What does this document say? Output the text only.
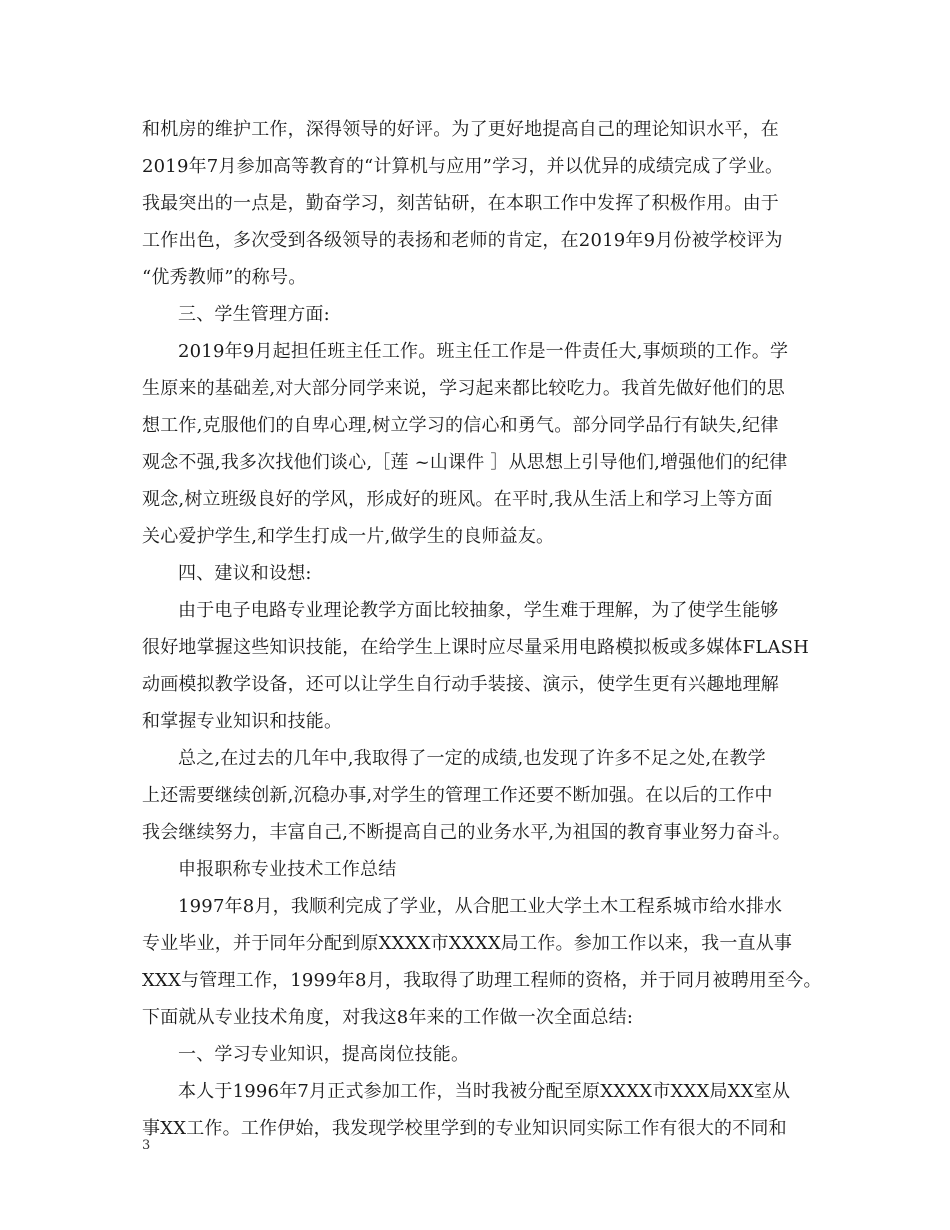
和机房的维护工作，深得领导的好评。为了更好地提高自己的理论知识水平，在
2019年7月参加高等教育的“计算机与应用”学习，并以优异的成绩完成了学业。
我最突出的一点是，勤奋学习，刻苦钻研，在本职工作中发挥了积极作用。由于
工作出色，多次受到各级领导的表扬和老师的肯定，在2019年9月份被学校评为
“优秀教师”的称号。
三、学生管理方面:
2019年9月起担任班主任工作。班主任工作是一件责任大,事烦琐的工作。学
生原来的基础差,对大部分同学来说，学习起来都比较吃力。我首先做好他们的思
想工作,克服他们的自卑心理,树立学习的信心和勇气。部分同学品行有缺失,纪律
观念不强,我多次找他们谈心,［莲 ~山课件 ］从思想上引导他们,增强他们的纪律
观念,树立班级良好的学风，形成好的班风。在平时,我从生活上和学习上等方面
关心爱护学生,和学生打成一片,做学生的良师益友。
四、建议和设想:
由于电子电路专业理论教学方面比较抽象，学生难于理解，为了使学生能够
很好地掌握这些知识技能，在给学生上课时应尽量采用电路模拟板或多媒体FLASH
动画模拟教学设备，还可以让学生自行动手装接、演示，使学生更有兴趣地理解
和掌握专业知识和技能。
总之,在过去的几年中,我取得了一定的成绩,也发现了许多不足之处,在教学
上还需要继续创新,沉稳办事,对学生的管理工作还要不断加强。在以后的工作中
我会继续努力，丰富自己,不断提高自己的业务水平,为祖国的教育事业努力奋斗。
申报职称专业技术工作总结
1997年8月，我顺利完成了学业，从合肥工业大学土木工程系城市给水排水
专业毕业，并于同年分配到原XXXX市XXXX局工作。参加工作以来，我一直从事
XXX与管理工作，1999年8月，我取得了助理工程师的资格，并于同月被聘用至今。
下面就从专业技术角度，对我这8年来的工作做一次全面总结:
一、学习专业知识，提高岗位技能。
本人于1996年7月正式参加工作，当时我被分配至原XXXX市XXX局XX室从
事XX工作。工作伊始，我发现学校里学到的专业知识同实际工作有很大的不同和
3
